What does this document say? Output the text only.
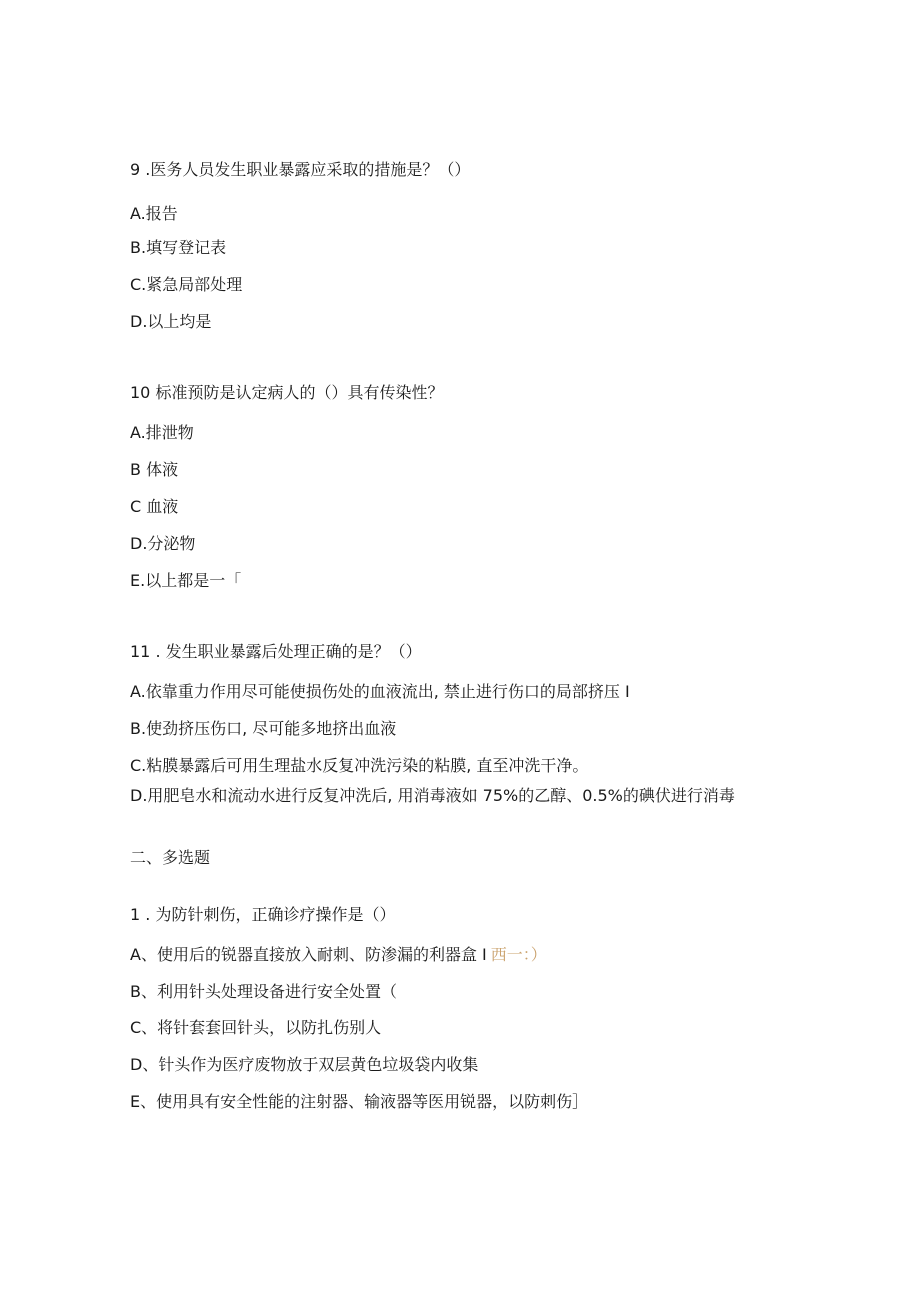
9 .医务人员发生职业暴露应采取的措施是？（）
A.报告
B.填写登记表
C.紧急局部处理
D.以上均是
10 标准预防是认定病人的（）具有传染性？
A.排泄物
B 体液
C 血液
D.分泌物
E.以上都是一「
11 . 发生职业暴露后处理正确的是？（）
A.依靠重力作用尽可能使损伤处的血液流出, 禁止进行伤口的局部挤压 I
B.使劲挤压伤口, 尽可能多地挤出血液
C.粘膜暴露后可用生理盐水反复冲洗污染的粘膜, 直至冲洗干净。
D.用肥皂水和流动水进行反复冲洗后, 用消毒液如 75%的乙醇、0.5%的碘伏进行消毒
二、多选题
1 . 为防针刺伤，正确诊疗操作是（）
A、使用后的锐器直接放入耐刺、防渗漏的利器盒 I 西一：）
B、利用针头处理设备进行安全处置（
C、将针套套回针头，以防扎伤别人
D、针头作为医疗废物放于双层黄色垃圾袋内收集
E、使用具有安全性能的注射器、输液器等医用锐器，以防刺伤］
